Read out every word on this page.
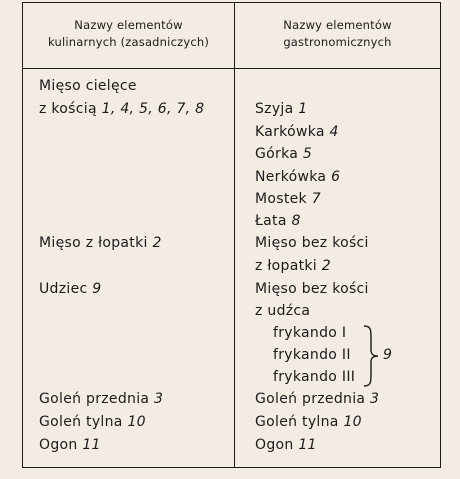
Nazwy elementów
kulinarnych (zasadniczych)
Nazwy elementów
gastronomicznych
Mięso cielęce
z kością 1, 4, 5, 6, 7, 8
Mięso z łopatki 2
Udziec 9
Goleń przednia 3
Goleń tylna 10
Ogon 11
Szyja 1
Karkówka 4
Górka 5
Nerkówka 6
Mostek 7
Łata 8
Mięso bez kości
z łopatki 2
Mięso bez kości
z udźca
frykando I
frykando II
frykando III
9
Goleń przednia 3
Goleń tylna 10
Ogon 11
